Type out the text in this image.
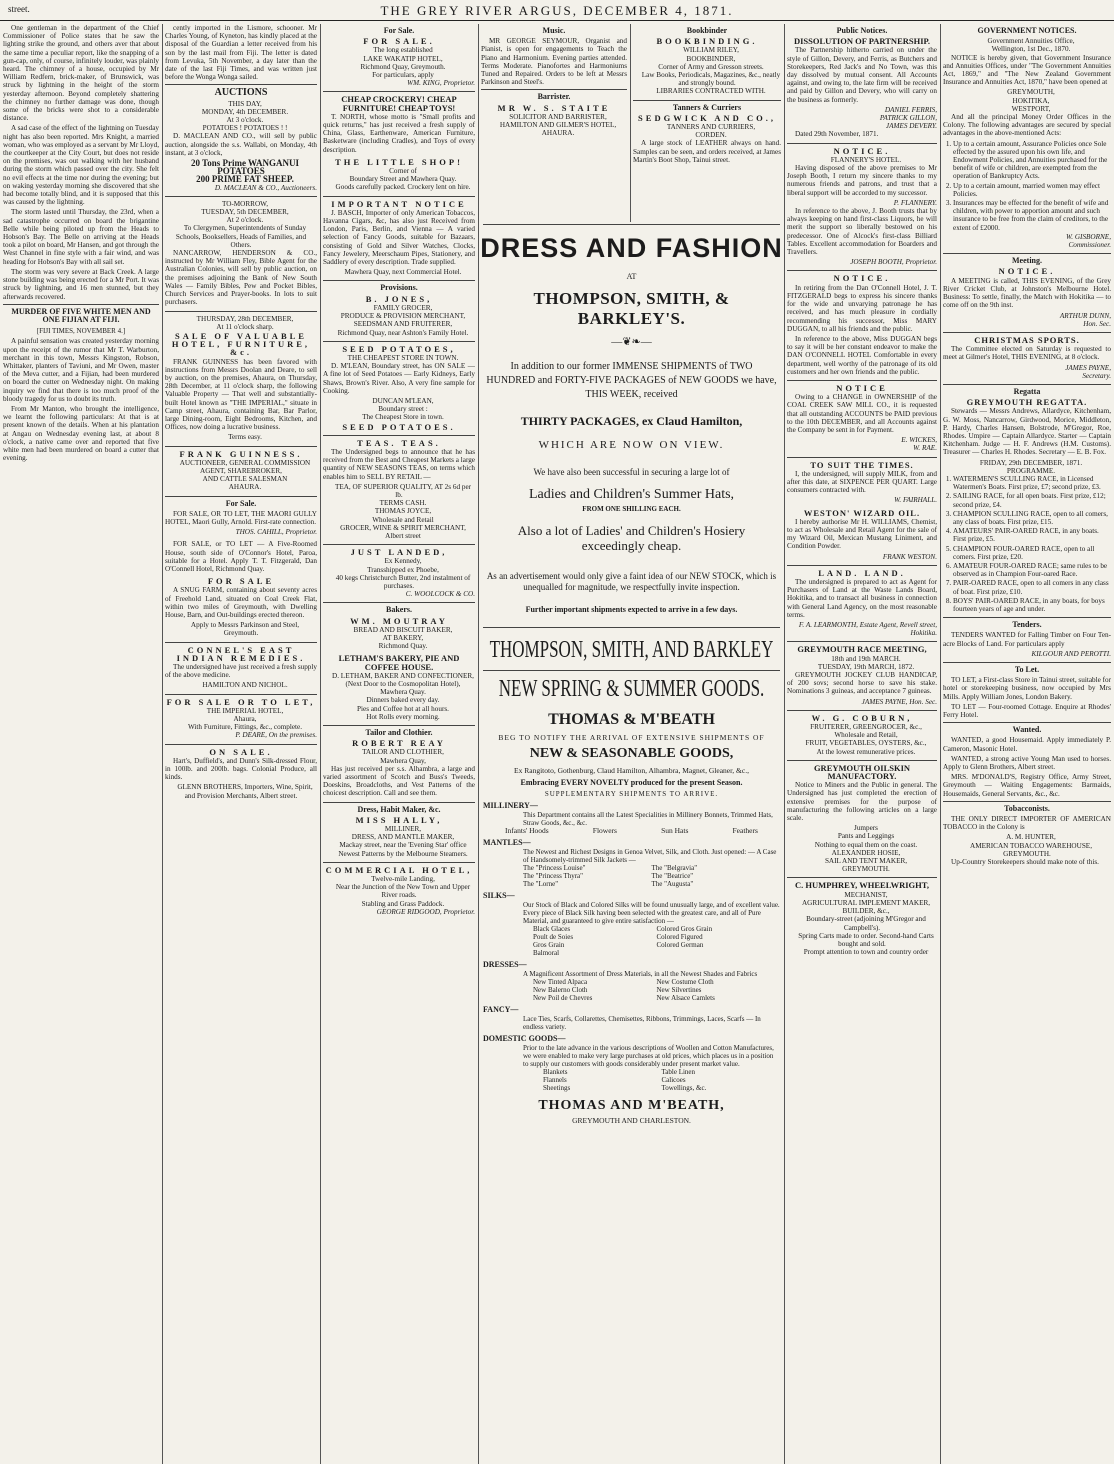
street.	THE GREY RIVER ARGUS, DECEMBER 4, 1871.

One gentleman in the department of the Chief Commissioner of Police states that he saw the lighting strike the ground, and others aver that about the same time a peculiar report, like the snapping of a gun-cap, only, of course, infinitely louder, was plainly heard. The chimney of a house, occupied by Mr William Redfern, brick-maker, of Brunswick, was struck by lightning in the height of the storm yesterday afternoon. Beyond completely shattering the chimney no further damage was done, though some of the bricks were shot to a considerable distance.

A sad case of the effect of the lightning on Tuesday night has also been reported. Mrs Knight, a married woman, who was employed as a servant by Mr Lloyd, the courtkeeper at the City Court, but does not reside on the premises, was out walking with her husband during the storm which passed over the city. She felt no evil effects at the time nor during the evening; but on waking yesterday morning she discovered that she had become totally blind, and it is supposed that this was caused by the lightning.

The storm lasted until Thursday, the 23rd, when a sad catastrophe occurred on board the brigantine Belle while being piloted up from the Heads to Hobson's Bay. The Belle on arriving at the Heads took a pilot on board, Mr Hansen, and got through the West Channel in fine style with a fair wind, and was heading for Hobson's Bay with all sail set.

The storm was very severe at Back Creek. A large stone building was being erected for a Mr Port. It was struck by lightning, and 16 men stunned, but they afterwards recovered.

MURDER OF FIVE WHITE MEN AND ONE FIJIAN AT FIJI.
[FIJI TIMES, NOVEMBER 4.]

A painful sensation was created yesterday morning upon the receipt of the rumor that Mr T. Warburton, merchant in this town, Messrs Kingston, Robson, Whittaker, planters of Taviuni, and Mr Owen, master of the Meva cutter, and a Fijian, had been murdered on board the cutter on Wednesday night. On making inquiry we find that there is too much proof of the bloody tragedy for us to doubt its truth.

From Mr Manton, who brought the intelligence, we learnt the following particulars: At that is at present known of the details. When at his plantation at Angau on Wednesday evening last, at about 8 o'clock, a native came over and reported that five white men had been murdered on board a cutter that evening.

cently imported in the Lismore, schooner. Mr Charles Young, of Kyneton, has kindly placed at the disposal of the Guardian a letter received from his son by the last mail from Fiji. The letter is dated from Levuka, 5th November, a day later than the date of the last Fiji Times, and was written just before the Wonga Wonga sailed.

AUCTIONS

THIS DAY,

MONDAY, 4th DECEMBER.

At 3 o'clock.

POTATOES ! POTATOES ! !

D. MACLEAN AND CO., will sell by public auction, alongside the s.s. Wallabi, on Monday, 4th instant, at 3 o'clock,

20 Tons Prime WANGANUI POTATOES

200 PRIME FAT SHEEP.

D. MACLEAN & CO., Auctioneers.

TO-MORROW,

TUESDAY, 5th DECEMBER,

At 2 o'clock.

To Clergymen, Superintendents of Sunday Schools, Booksellers, Heads of Families, and Others.

NANCARROW, HENDERSON & CO., instructed by Mr William Fley, Bible Agent for the Australian Colonies, will sell by public auction, on the premises adjoining the Bank of New South Wales — Family Bibles, Pew and Pocket Bibles, Church Services and Prayer-books. In lots to suit purchasers.

THURSDAY, 28th DECEMBER,

At 11 o'clock sharp.

SALE OF VALUABLE HOTEL, FURNITURE, &c.

FRANK GUINNESS has been favored with instructions from Messrs Doolan and Deare, to sell by auction, on the premises, Ahaura, on Thursday, 28th December, at 11 o'clock sharp, the following Valuable Property — That well and substantially-built Hotel known as "THE IMPERIAL," situate in Camp street, Ahaura, containing Bar, Bar Parlor, large Dining-room, Eight Bedrooms, Kitchen, and Offices, now doing a lucrative business.

Terms easy.

FRANK GUINNESS.

AUCTIONEER, GENERAL COMMISSION AGENT, SHAREBROKER,

AND CATTLE SALESMAN

AHAURA.

For Sale.

FOR SALE, OR TO LET, THE MAORI GULLY HOTEL, Maori Gully, Arnold. First-rate connection.

THOS. CAHILL, Proprietor.

FOR SALE, or TO LET — A Five-Roomed House, south side of O'Connor's Hotel, Paroa, suitable for a Hotel. Apply T. T. Fitzgerald, Dan O'Connell Hotel, Richmond Quay.

FOR SALE

A SNUG FARM, containing about seventy acres of Freehold Land, situated on Coal Creek Flat, within two miles of Greymouth, with Dwelling House, Barn, and Out-buildings erected thereon.

Apply to Messrs Parkinson and Steel, Greymouth.

CONNEL'S EAST INDIAN REMEDIES.

The undersigned have just received a fresh supply of the above medicine.

HAMILTON AND NICHOL.

FOR SALE OR TO LET,

THE IMPERIAL HOTEL,

Ahaura,

With Furniture, Fittings, &c., complete.

P. DEARE, On the premises.

ON SALE.

Hart's, Duffield's, and Dunn's Silk-dressed Flour, in 100lb. and 200lb. bags. Colonial Produce, all kinds.

GLENN BROTHERS, Importers, Wine, Spirit, and Provision Merchants, Albert street.

For Sale.
FOR SALE.

The long established

LAKE WAKATIP HOTEL,

Richmond Quay, Greymouth.

For particulars, apply

WM. KING, Proprietor.

CHEAP CROCKERY! CHEAP FURNITURE! CHEAP TOYS!

T. NORTH, whose motto is "Small profits and quick returns," has just received a fresh supply of China, Glass, Earthenware, American Furniture, Basketware (including Cradles), and Toys of every description.

THE LITTLE SHOP!

Corner of

Boundary Street and Mawhera Quay.

Goods carefully packed. Crockery lent on hire.

IMPORTANT NOTICE

J. BASCH, Importer of only American Tobaccos, Havanna Cigars, &c, has also just Received from London, Paris, Berlin, and Vienna — A varied selection of Fancy Goods, suitable for Bazaars, consisting of Gold and Silver Watches, Clocks, Fancy Jewelery, Meerschaum Pipes, Stationery, and Saddlery of every description. Trade supplied.

Mawhera Quay, next Commercial Hotel.

Provisions.
B. JONES,

FAMILY GROCER,

PRODUCE & PROVISION MERCHANT,

SEEDSMAN AND FRUITERER,

Richmond Quay, near Ashton's Family Hotel.

SEED POTATOES,

THE CHEAPEST STORE IN TOWN.

D. M'LEAN, Boundary street, has ON SALE — A fine lot of Seed Potatoes — Early Kidneys, Early Shaws, Brown's River. Also, A very fine sample for Cooking.

DUNCAN M'LEAN,

Boundary street :

The Cheapest Store in town.

SEED POTATOES.
TEAS. TEAS.

The Undersigned begs to announce that he has received from the Best and Cheapest Markets a large quantity of NEW SEASONS TEAS, on terms which enables him to SELL BY RETAIL —

TEA, OF SUPERIOR QUALITY, AT 2s 6d per lb.

TERMS CASH.

THOMAS JOYCE,

Wholesale and Retail

GROCER, WINE & SPIRIT MERCHANT,

Albert street

JUST LANDED,

Ex Kennedy,

Transshipped ex Phoebe,

40 kegs Christchurch Butter, 2nd instalment of purchases.

C. WOOLCOCK & CO.

Bakers.
WM. MOUTRAY

BREAD AND BISCUIT BAKER,

AT BAKERY,

Richmond Quay.

LETHAM'S BAKERY, PIE AND COFFEE HOUSE.

D. LETHAM, BAKER AND CONFECTIONER,

(Next Door to the Cosmopolitan Hotel),

Mawhera Quay.

Dinners baked every day.

Pies and Coffee hot at all hours.

Hot Rolls every morning.

Tailor and Clothier.
ROBERT REAY

TAILOR AND CLOTHIER,

Mawhera Quay,

Has just received per s.s. Alhambra, a large and varied assortment of Scotch and Buss's Tweeds, Doeskins, Broadcloths, and Vest Patterns of the choicest description. Call and see them.

Dress, Habit Maker, &c.
MISS HALLY,

MILLINER,

DRESS, AND MANTLE MAKER,

Mackay street, near the 'Evening Star' office

Newest Patterns by the Melbourne Steamers.

COMMERCIAL HOTEL,

Twelve-mile Landing,

Near the Junction of the New Town and Upper River roads.

Stabling and Grass Paddock.

GEORGE RIDGOOD, Proprietor.

Music.

MR GEORGE SEYMOUR, Organist and Pianist, is open for engagements to Teach the Piano and Harmonium. Evening parties attended. Terms Moderate. Pianofortes and Harmoniums Tuned and Repaired. Orders to be left at Messrs Parkinson and Steel's.

Barrister.
MR W. S. STAITE

SOLICITOR AND BARRISTER,

HAMILTON AND GILMER'S HOTEL,

AHAURA.

Bookbinder
BOOKBINDING.

WILLIAM RILEY,

BOOKBINDER,

Corner of Army and Gresson streets.

Law Books, Periodicals, Magazines, &c., neatly and strongly bound.

LIBRARIES CONTRACTED WITH.

Tanners & Curriers
SEDGWICK AND CO.,

TANNERS AND CURRIERS,

CORDEN.

A large stock of LEATHER always on hand. Samples can be seen, and orders received, at James Martin's Boot Shop, Tainui street.

DRESS AND FASHION
AT
THOMPSON, SMITH, & BARKLEY'S.
—❦❧—
In addition to our former IMMENSE SHIPMENTS of TWO HUNDRED and FORTY-FIVE PACKAGES of NEW GOODS we have, THIS WEEK, received
THIRTY PACKAGES, ex Claud Hamilton,
WHICH ARE NOW ON VIEW.
We have also been successful in securing a large lot of
Ladies and Children's Summer Hats,
FROM ONE SHILLING EACH.
Also a lot of Ladies' and Children's Hosiery exceedingly cheap.
As an advertisement would only give a faint idea of our NEW STOCK, which is unequalled for magnitude, we respectfully invite inspection.
Further important shipments expected to arrive in a few days.
THOMPSON, SMITH, AND BARKLEY
NEW SPRING & SUMMER GOODS.
THOMAS & M'BEATH
BEG TO NOTIFY THE ARRIVAL OF EXTENSIVE SHIPMENTS OF
NEW & SEASONABLE GOODS,
Ex Rangitoto, Gothenburg, Claud Hamilton, Alhambra, Magnet, Gleaner, &c.,
Embracing EVERY NOVELTY produced for the present Season.
SUPPLEMENTARY SHIPMENTS TO ARRIVE.
MILLINERY—
This Department contains all the Latest Specialities in Millinery Bonnets, Trimmed Hats, Straw Goods, &c., &c.
Infants' Hoods	Flowers	Sun Hats	Feathers
MANTLES—
The Newest and Richest Designs in Genoa Velvet, Silk, and Cloth. Just opened: — A Case of Handsomely-trimmed Silk Jackets —
The "Princess Louise"	The "Belgravia"
The "Princess Thyra"	The "Beatrice"
The "Lorne"	The "Augusta"
SILKS—
Our Stock of Black and Colored Silks will be found unusually large, and of excellent value. Every piece of Black Silk having been selected with the greatest care, and all of Pure Material, and guaranteed to give entire satisfaction —
Black Glaces	Colored Gros Grain
Poult de Soies	Colored Figured
Gros Grain	Colored German
Balmoral
DRESSES—
A Magnificent Assortment of Dress Materials, in all the Newest Shades and Fabrics
New Tinted Alpaca	New Costume Cloth
New Balerno Cloth	New Silvertines
New Poil de Chevres	New Alsace Camlets
FANCY—
Lace Ties, Scarfs, Collarettes, Chemisettes, Ribbons, Trimmings, Laces, Scarfs — In endless variety.
DOMESTIC GOODS—
Prior to the late advance in the various descriptions of Woollen and Cotton Manufactures, we were enabled to make very large purchases at old prices, which places us in a position to supply our customers with goods considerably under present market value.
Blankets	Table Linen
Flannels	Calicoes
Sheetings	Towellings, &c.
THOMAS AND M'BEATH,
GREYMOUTH AND CHARLESTON.
Public Notices.
DISSOLUTION OF PARTNERSHIP.

The Partnership hitherto carried on under the style of Gillon, Devery, and Ferris, as Butchers and Storekeepers, Red Jack's and No Town, was this day dissolved by mutual consent. All Accounts against, and owing to, the late firm will be received and paid by Gillon and Devery, who will carry on the business as formerly.

DANIEL FERRIS,

PATRICK GILLON,

JAMES DEVERY.

Dated 29th November, 1871.

NOTICE.

FLANNERY'S HOTEL.

Having disposed of the above premises to Mr Joseph Booth, I return my sincere thanks to my numerous friends and patrons, and trust that a liberal support will be accorded to my successor.

P. FLANNERY.

In reference to the above, J. Booth trusts that by always keeping on hand first-class Liquors, he will merit the support so liberally bestowed on his predecessor. One of Alcock's first-class Billiard Tables. Excellent accommodation for Boarders and Travellers.

JOSEPH BOOTH, Proprietor.

NOTICE.

In retiring from the Dan O'Connell Hotel, J. T. FITZGERALD begs to express his sincere thanks for the wide and unvarying patronage he has received, and has much pleasure in cordially recommending his successor, Miss MARY DUGGAN, to all his friends and the public.

In reference to the above, Miss DUGGAN begs to say it will be her constant endeavor to make the DAN O'CONNELL HOTEL Comfortable in every department, well worthy of the patronage of its old customers and her own friends and the public.

NOTICE

Owing to a CHANGE in OWNERSHIP of the COAL CREEK SAW MILL CO., it is requested that all outstanding ACCOUNTS be PAID previous to the 10th DECEMBER, and all Accounts against the Company be sent in for Payment.

E. WICKES,

W. RAE.

TO SUIT THE TIMES.

I, the undersigned, will supply MILK, from and after this date, at SIXPENCE PER QUART. Large consumers contracted with.

W. FAIRHALL.

WESTON' WIZARD OIL.

I hereby authorise Mr H. WILLIAMS, Chemist, to act as Wholesale and Retail Agent for the sale of my Wizard Oil, Mexican Mustang Liniment, and Condition Powder.

FRANK WESTON.

LAND. LAND.

The undersigned is prepared to act as Agent for Purchasers of Land at the Waste Lands Board, Hokitika, and to transact all business in connection with General Land Agency, on the most reasonable terms.

F. A. LEARMONTH, Estate Agent, Revell street, Hokitika.

GREYMOUTH RACE MEETING,

18th and 19th MARCH.

TUESDAY, 19th MARCH, 1872.

GREYMOUTH JOCKEY CLUB HANDICAP, of 200 sovs; second horse to save his stake. Nominations 3 guineas, and acceptance 7 guineas.

JAMES PAYNE, Hon. Sec.

W. G. COBURN,

FRUITERER, GREENGROCER, &c.,

Wholesale and Retail,

FRUIT, VEGETABLES, OYSTERS, &c.,

At the lowest remunerative prices.

GREYMOUTH OILSKIN MANUFACTORY.

Notice to Miners and the Public in general. The Undersigned has just completed the erection of extensive premises for the purpose of manufacturing the following articles on a large scale.

Jumpers

Pants and Leggings

Nothing to equal them on the coast.

ALEXANDER HOSIE,

SAIL AND TENT MAKER,

GREYMOUTH.

C. HUMPHREY, WHEELWRIGHT,

MECHANIST,

AGRICULTURAL IMPLEMENT MAKER,

BUILDER, &c.,

Boundary-street (adjoining M'Gregor and Campbell's).

Spring Carts made to order. Second-hand Carts bought and sold.

Prompt attention to town and country order

GOVERNMENT NOTICES.

Government Annuities Office,

Wellington, 1st Dec., 1870.

NOTICE is hereby given, that Government Insurance and Annuities Offices, under "The Government Annuities Act, 1869," and "The New Zealand Government Insurance and Annuities Act, 1870," have been opened at

GREYMOUTH,

HOKITIKA,

WESTPORT,

And all the principal Money Order Offices in the Colony. The following advantages are secured by special advantages in the above-mentioned Acts:

1. Up to a certain amount, Assurance Policies once Sole effected by the assured upon his own life, and Endowment Policies, and Annuities purchased for the benefit of wife or children, are exempted from the operation of Bankruptcy Acts.
2. Up to a certain amount, married women may effect Policies.
3. Insurances may be effected for the benefit of wife and children, with power to apportion amount and such insurance to be free from the claim of creditors, to the extent of £2000.

W. GISBORNE,

Commissioner.

Meeting.
NOTICE.

A MEETING is called, THIS EVENING, of the Grey River Cricket Club, at Johnston's Melbourne Hotel. Business: To settle, finally, the Match with Hokitika — to come off on the 9th inst.

ARTHUR DUNN,

Hon. Sec.

CHRISTMAS SPORTS.

The Committee elected on Saturday is requested to meet at Gilmer's Hotel, THIS EVENING, at 8 o'clock.

JAMES PAYNE,

Secretary.

Regatta
GREYMOUTH REGATTA.

Stewards — Messrs Andrews, Allardyce, Kitchenham, G. W. Moss, Nancarrow, Girdwood, Morice, Middleton, P. Hardy, Charles Hansen, Bolstrode, M'Gregor, Roe, Rhodes. Umpire — Captain Allardyce. Starter — Captain Kitchenham. Judge — H. F. Andrews (H.M. Customs). Treasurer — Charles H. Rhodes. Secretary — E. B. Fox.

FRIDAY, 29th DECEMBER, 1871.

PROGRAMME.

1. WATERMEN'S SCULLING RACE, in Licensed Watermen's Boats. First prize, £7; second prize, £3.
2. SAILING RACE, for all open boats. First prize, £12; second prize, £4.
3. CHAMPION SCULLING RACE, open to all comers, any class of boats. First prize, £15.
4. AMATEURS' PAIR-OARED RACE, in any boats. First prize, £5.
5. CHAMPION FOUR-OARED RACE, open to all comers. First prize, £20.
6. AMATEUR FOUR-OARED RACE; same rules to be observed as in Champion Four-oared Race.
7. PAIR-OARED RACE, open to all comers in any class of boat. First prize, £10.
8. BOYS' PAIR-OARED RACE, in any boats, for boys fourteen years of age and under.
Tenders.

TENDERS WANTED for Falling Timber on Four Ten-acre Blocks of Land. For particulars apply

KILGOUR AND PEROTTI.

To Let.

TO LET, a First-class Store in Tainui street, suitable for hotel or storekeeping business, now occupied by Mrs Mills. Apply William Jones, London Bakery.

TO LET — Four-roomed Cottage. Enquire at Rhodes' Ferry Hotel.

Wanted.

WANTED, a good Housemaid. Apply immediately P. Cameron, Masonic Hotel.

WANTED, a strong active Young Man used to horses. Apply to Glenn Brothers, Albert street.

MRS. M'DONALD'S, Registry Office, Army Street, Greymouth — Waiting Engagements: Barmaids, Housemaids, General Servants, &c., &c.

Tobacconists.

THE ONLY DIRECT IMPORTER OF AMERICAN TOBACCO in the Colony is

A. M. HUNTER,

AMERICAN TOBACCO WAREHOUSE, GREYMOUTH.

Up-Country Storekeepers should make note of this.
